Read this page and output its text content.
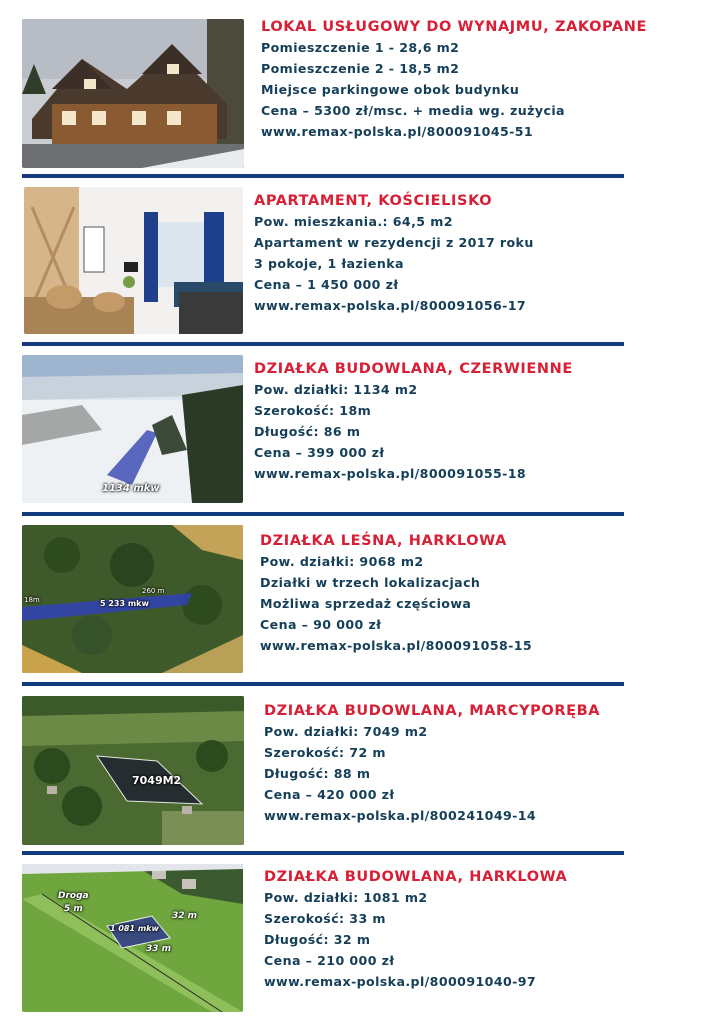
LOKAL USŁUGOWY DO WYNAJMU, ZAKOPANE
Pomieszczenie 1 - 28,6 m2
Pomieszczenie 2 - 18,5 m2
Miejsce parkingowe obok budynku
Cena – 5300 zł/msc. + media wg. zużycia
www.remax-polska.pl/800091045-51
APARTAMENT, KOŚCIELISKO
Pow. mieszkania.: 64,5 m2
Apartament w rezydencji z 2017 roku
3 pokoje, 1 łazienka
Cena – 1 450 000 zł
www.remax-polska.pl/800091056-17
1134 mkw
DZIAŁKA BUDOWLANA, CZERWIENNE
Pow. działki: 1134 m2
Szerokość: 18m
Długość: 86 m
Cena – 399 000 zł
www.remax-polska.pl/800091055-18
260 m
5 233 mkw
18m
DZIAŁKA LEŚNA, HARKLOWA
Pow. działki: 9068 m2
Działki w trzech lokalizacjach
Możliwa sprzedaż częściowa
Cena – 90 000 zł
www.remax-polska.pl/800091058-15
7049M2
DZIAŁKA BUDOWLANA, MARCYPORĘBA
Pow. działki: 7049 m2
Szerokość: 72 m
Długość: 88 m
Cena – 420 000 zł
www.remax-polska.pl/800241049-14
Droga
5 m
1 081 mkw
32 m
33 m
DZIAŁKA BUDOWLANA, HARKLOWA
Pow. działki: 1081 m2
Szerokość: 33 m
Długość: 32 m
Cena – 210 000 zł
www.remax-polska.pl/800091040-97
